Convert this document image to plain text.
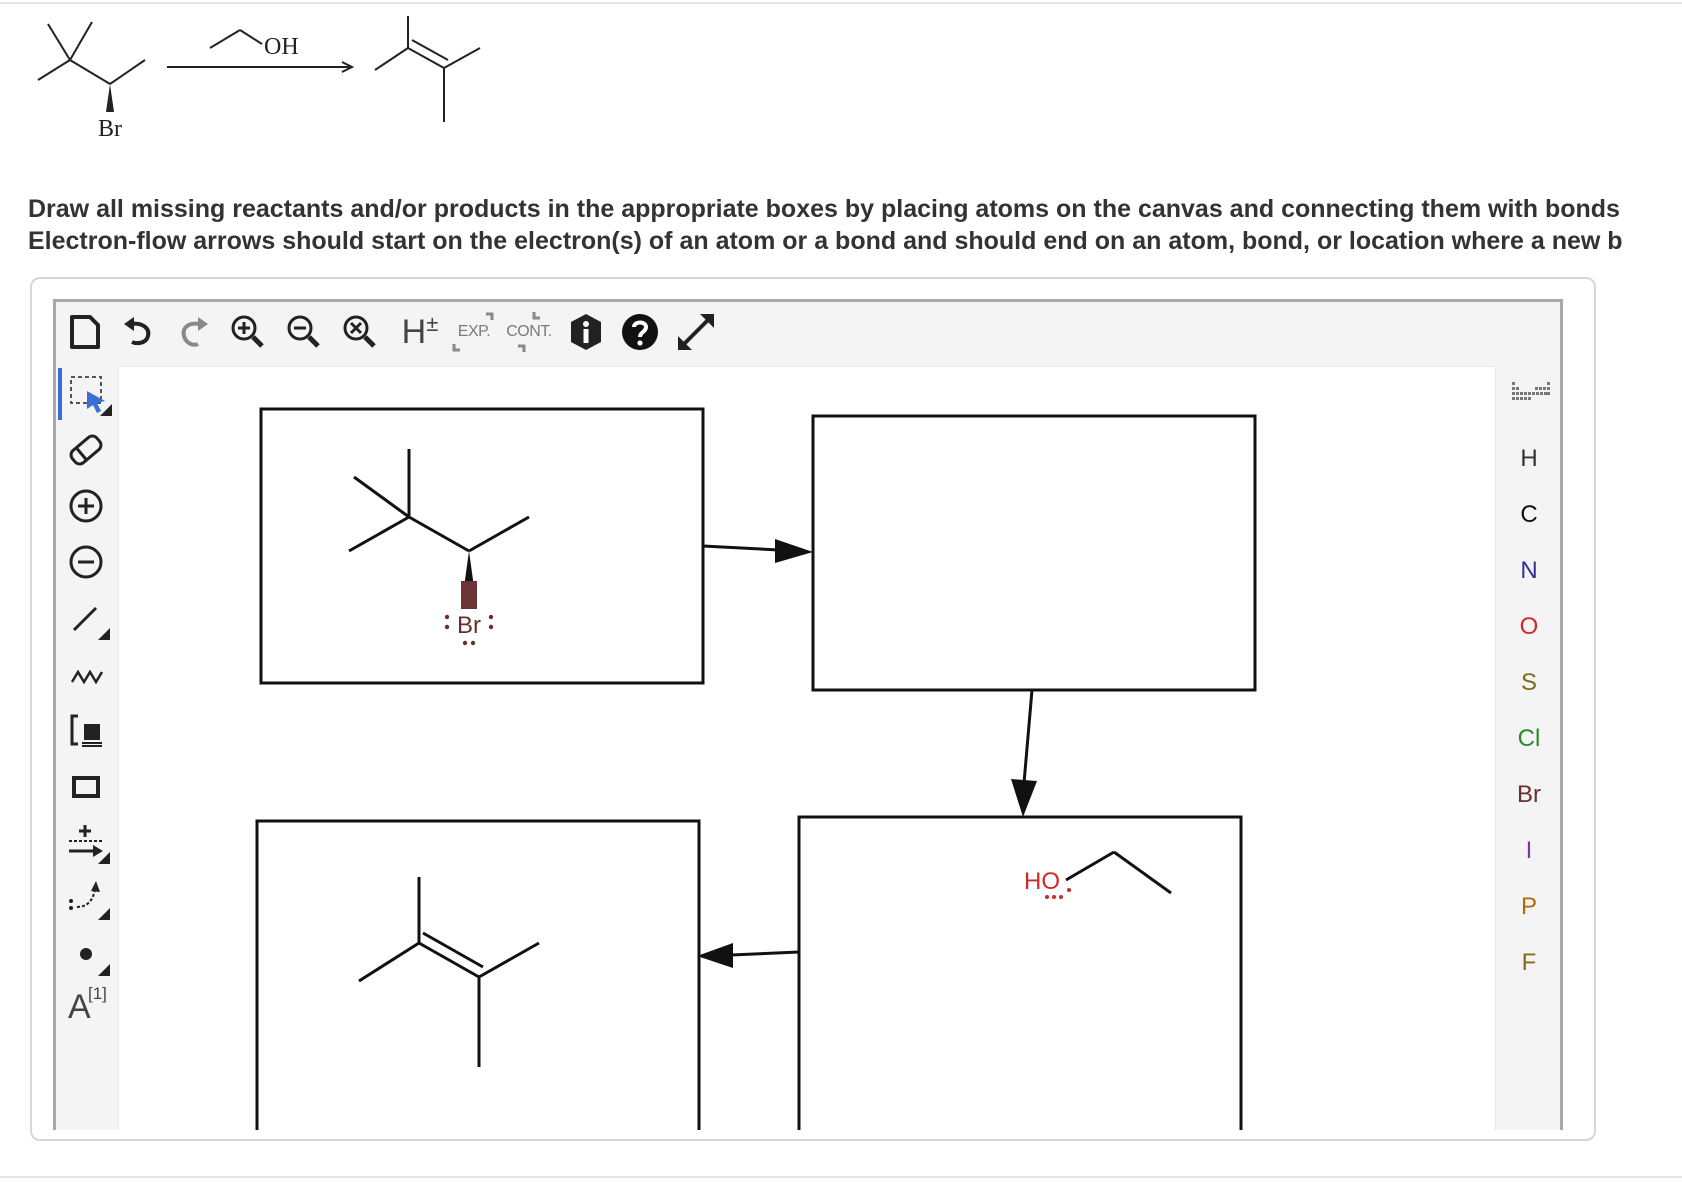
OH
Br
Draw all missing reactants and/or products in the appropriate boxes by placing atoms on the canvas and connecting them with bonds
Electron-flow arrows should start on the electron(s) of an atom or a bond and should end on an atom, bond, or location where a new b
H ± EXP. CONT.
A
[1]
Br
HO
H
C
N
O
S
Cl
Br
I
P
F
